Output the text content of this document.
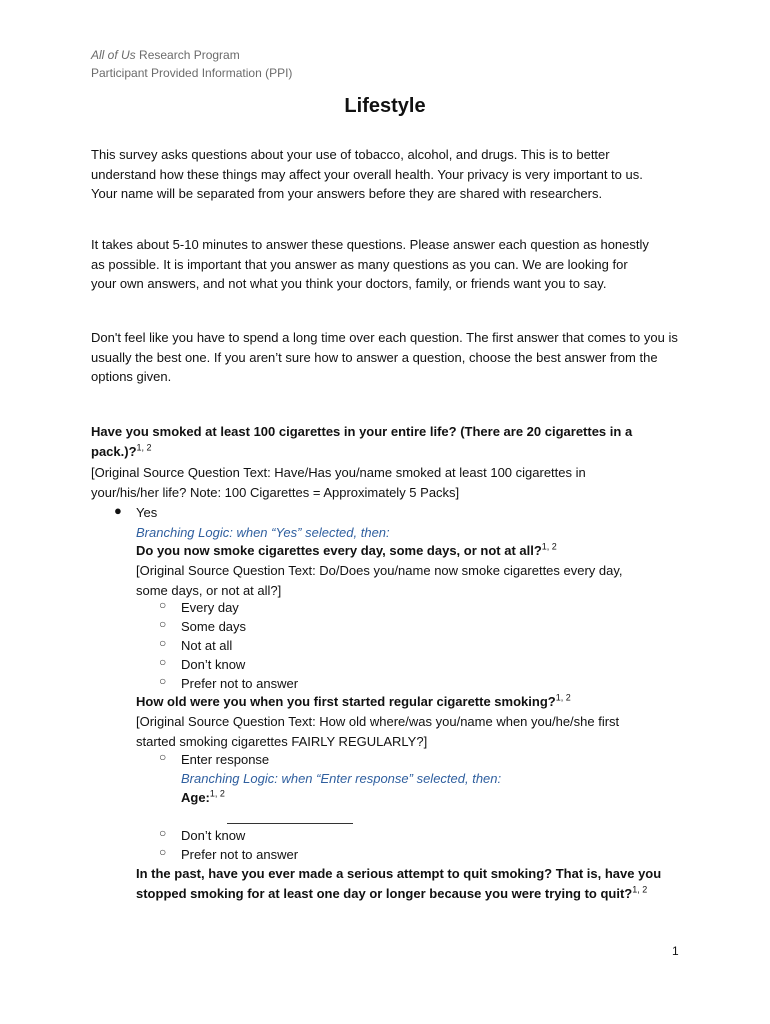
All of Us Research Program
Participant Provided Information (PPI)
Lifestyle
This survey asks questions about your use of tobacco, alcohol, and drugs. This is to better understand how these things may affect your overall health. Your privacy is very important to us. Your name will be separated from your answers before they are shared with researchers.
It takes about 5-10 minutes to answer these questions. Please answer each question as honestly as possible. It is important that you answer as many questions as you can. We are looking for your own answers, and not what you think your doctors, family, or friends want you to say.
Don't feel like you have to spend a long time over each question. The first answer that comes to you is usually the best one. If you aren’t sure how to answer a question, choose the best answer from the options given.
Have you smoked at least 100 cigarettes in your entire life? (There are 20 cigarettes in a
pack.)?$^{1, 2}$
[Original Source Question Text: Have/Has you/name smoked at least 100 cigarettes in
your/his/her life? Note: 100 Cigarettes = Approximately 5 Packs]
● Yes
Branching Logic: when “Yes” selected, then:
Do you now smoke cigarettes every day, some days, or not at all?$^{1, 2}$
[Original Source Question Text: Do/Does you/name now smoke cigarettes every day,
some days, or not at all?]
○ Every day
○ Some days
○ Not at all
○ Don’t know
○ Prefer not to answer
How old were you when you first started regular cigarette smoking?$^{1, 2}$
[Original Source Question Text: How old where/was you/name when you/he/she first
started smoking cigarettes FAIRLY REGULARLY?]
○ Enter response
Branching Logic: when “Enter response” selected, then:
Age:$^{1, 2}$
○ Don’t know
○ Prefer not to answer
In the past, have you ever made a serious attempt to quit smoking? That is, have you
stopped smoking for at least one day or longer because you were trying to quit?$^{1, 2}$
1
